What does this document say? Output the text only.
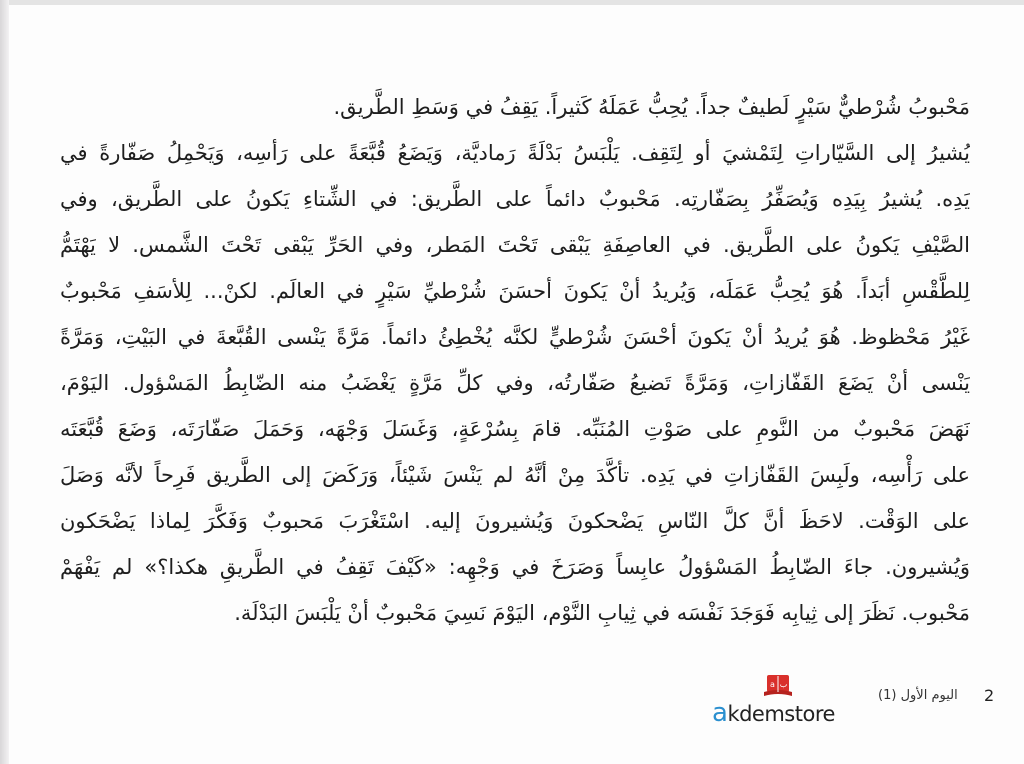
مَحْبوبُ شُرْطيٌّ سَيْرٍ لَطيفٌ جداً. يُحِبُّ عَمَلَهُ كَثيراً. يَقِفُ في وَسَطِ الطَّريق.
يُشيرُ إلى السَّيّاراتِ لِتَمْشيَ أو لِتَقِف. يَلْبَسُ بَدْلَةً رَماديَّة، وَيَضَعُ قُبَّعَةً على رَأسِه، وَيَحْمِلُ صَفّارةً في
يَدِه. يُشيرُ بِيَدِه وَيُصَفِّرُ بِصَفّارتِه. مَحْبوبٌ دائماً على الطَّريق: في الشِّتاءِ يَكونُ على الطَّريق، وفي
الصَّيْفِ يَكونُ على الطَّريق. في العاصِفَةِ يَبْقى تَحْتَ المَطر، وفي الحَرِّ يَبْقى تَحْتَ الشَّمس. لا يَهْتَمُّ
لِلطَّقْسِ أبَداً. هُوَ يُحِبُّ عَمَلَه، وَيُريدُ أنْ يَكونَ أحسَنَ شُرْطيِّ سَيْرٍ في العالَم. لكنْ... لِلأسَفِ مَحْبوبٌ
غَيْرُ مَحْظوظ. هُوَ يُريدُ أنْ يَكونَ أحْسَنَ شُرْطيٍّ لكنَّه يُخْطِئُ دائماً. مَرَّةً يَنْسى القُبَّعةَ في البَيْتِ، وَمَرَّةً
يَنْسى أنْ يَضَعَ القَفّازاتِ، وَمَرَّةً تَضيعُ صَفّارتُه، وفي كلِّ مَرَّةٍ يَغْضَبُ منه الضّابِطُ المَسْؤول. اليَوْمَ،
نَهَضَ مَحْبوبٌ من النَّومِ على صَوْتِ المُنَبِّه. قامَ بِسُرْعَةٍ، وَغَسَلَ وَجْهَه، وَحَمَلَ صَفّارَتَه، وَضَعَ قُبَّعَتَه
على رَأْسِه، ولَبِسَ القَفّازاتِ في يَدِه. تأكَّدَ مِنْ أنَّهُ لم يَنْسَ شَيْئاً، وَرَكَضَ إلى الطَّريق فَرِحاً لأنَّه وَصَلَ
على الوَقْت. لاحَظَ أنَّ كلَّ النّاسِ يَضْحكونَ وَيُشيرونَ إليه. اسْتَغْرَبَ مَحبوبٌ وَفَكَّرَ لِماذا يَضْحَكون
وَيُشيرون. جاءَ الضّابِطُ المَسْؤولُ عابِساً وَصَرَخَ في وَجْهِه: «كَيْفَ تَقِفُ في الطَّريقِ هكذا؟» لم يَفْهَمْ
مَحْبوب. نَظَرَ إلى ثِيابِه فَوَجَدَ نَفْسَه في ثِيابِ النَّوْم، اليَوْمَ نَسِيَ مَحْبوبٌ أنْ يَلْبَسَ البَدْلَة.
a ب
akdemstore
اليوم الأول (1) 2
